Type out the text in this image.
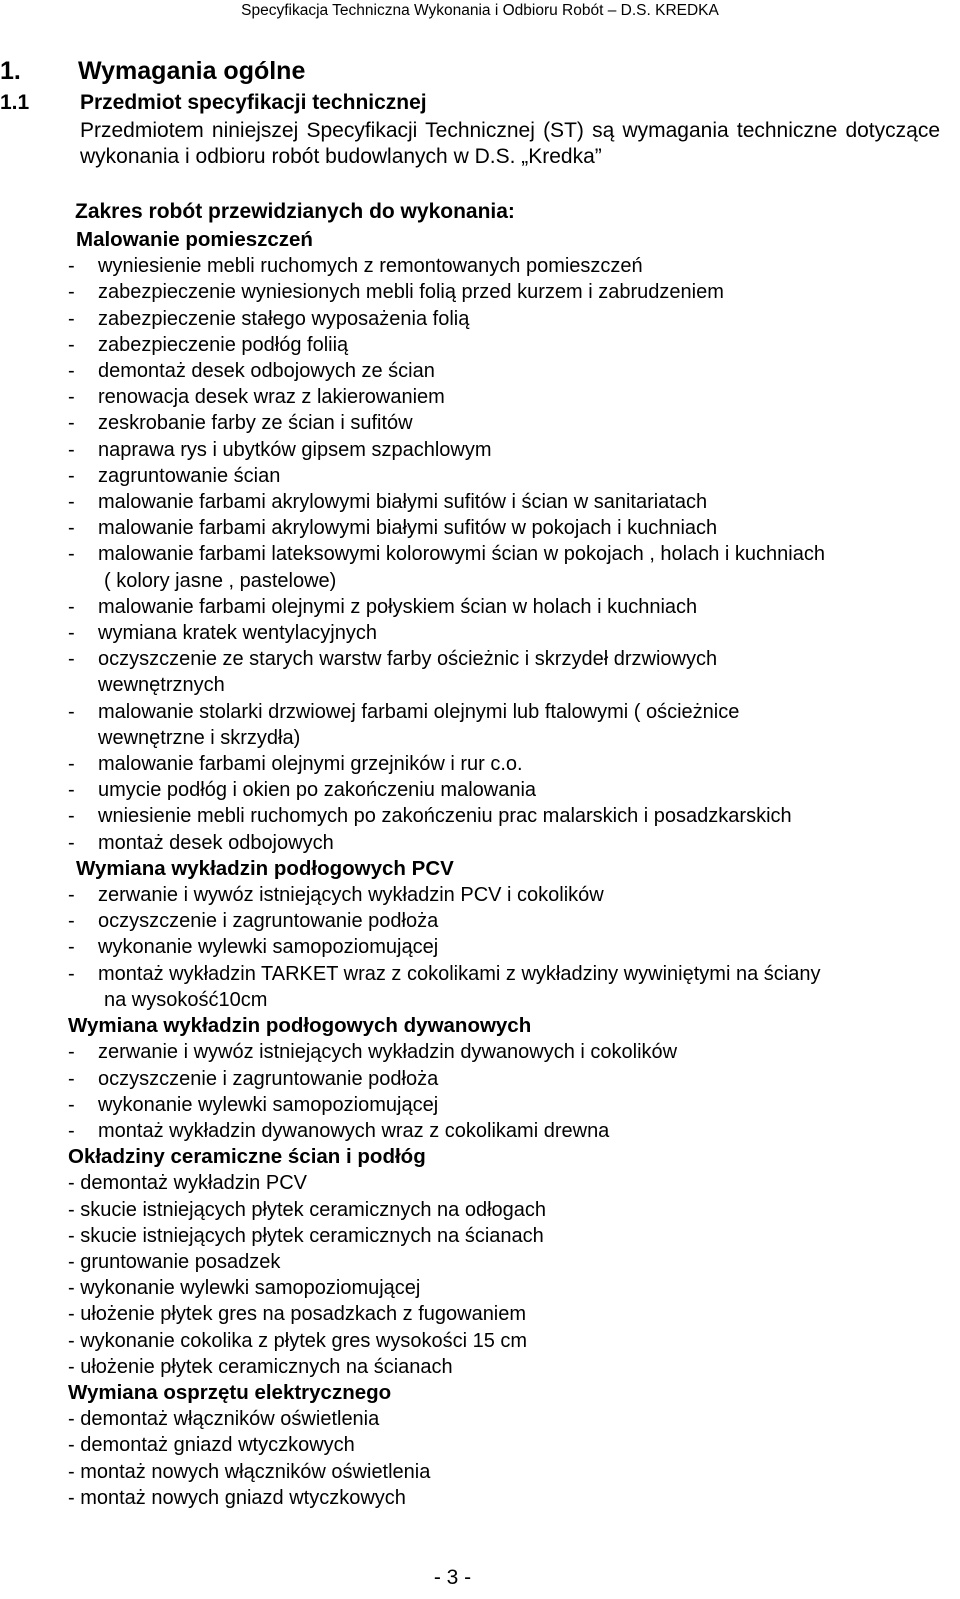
Specyfikacja Techniczna Wykonania i Odbioru Robót – D.S. KREDKA
1.	Wymagania ogólne
1.1	Przedmiot specyfikacji technicznej

Przedmiotem niniejszej Specyfikacji Technicznej (ST) są wymagania techniczne dotyczące wykonania i odbioru robót budowlanych w D.S. „Kredka”

Zakres robót przewidzianych do wykonania:
Malowanie pomieszczeń
-	wyniesienie mebli ruchomych z remontowanych pomieszczeń
-	zabezpieczenie wyniesionych mebli folią przed kurzem i zabrudzeniem
-	zabezpieczenie stałego wyposażenia folią
-	zabezpieczenie podłóg foliią
-	demontaż desek odbojowych ze ścian
-	renowacja desek wraz z lakierowaniem
-	zeskrobanie farby ze ścian i sufitów
-	naprawa rys i ubytków gipsem szpachlowym
-	zagruntowanie ścian
-	malowanie farbami akrylowymi białymi sufitów i ścian w sanitariatach
-	malowanie farbami akrylowymi białymi sufitów w pokojach i kuchniach
-	malowanie farbami lateksowymi kolorowymi ścian w pokojach , holach i kuchniach
( kolory jasne , pastelowe)
-	malowanie farbami olejnymi z połyskiem ścian w holach i kuchniach
-	wymiana kratek wentylacyjnych
-	oczyszczenie ze starych warstw farby ościeżnic i skrzydeł drzwiowych
wewnętrznych
-	malowanie stolarki drzwiowej farbami olejnymi lub ftalowymi ( ościeżnice
wewnętrzne i skrzydła)
-	malowanie farbami olejnymi grzejników i rur c.o.
-	umycie podłóg i okien po zakończeniu malowania
-	wniesienie mebli ruchomych po zakończeniu prac malarskich i posadzkarskich
-	montaż desek odbojowych
Wymiana wykładzin podłogowych PCV
-	zerwanie i wywóz istniejących wykładzin PCV i cokolików
-	oczyszczenie i zagruntowanie podłoża
-	wykonanie wylewki samopoziomującej
-	montaż wykładzin TARKET wraz z cokolikami z wykładziny wywiniętymi na ściany
na wysokość10cm
Wymiana wykładzin podłogowych dywanowych
-	zerwanie i wywóz istniejących wykładzin dywanowych i cokolików
-	oczyszczenie i zagruntowanie podłoża
-	wykonanie wylewki samopoziomującej
-	montaż wykładzin dywanowych wraz z cokolikami drewna
Okładziny ceramiczne ścian i podłóg
- demontaż wykładzin PCV
- skucie istniejących płytek ceramicznych na odłogach
- skucie istniejących płytek ceramicznych na ścianach
- gruntowanie posadzek
- wykonanie wylewki samopoziomującej
- ułożenie płytek gres na posadzkach z fugowaniem
- wykonanie cokolika z płytek gres wysokości 15 cm
- ułożenie płytek ceramicznych na ścianach
Wymiana osprzętu elektrycznego
- demontaż włączników oświetlenia
- demontaż gniazd wtyczkowych
- montaż nowych włączników oświetlenia
- montaż nowych gniazd wtyczkowych
- 3 -
